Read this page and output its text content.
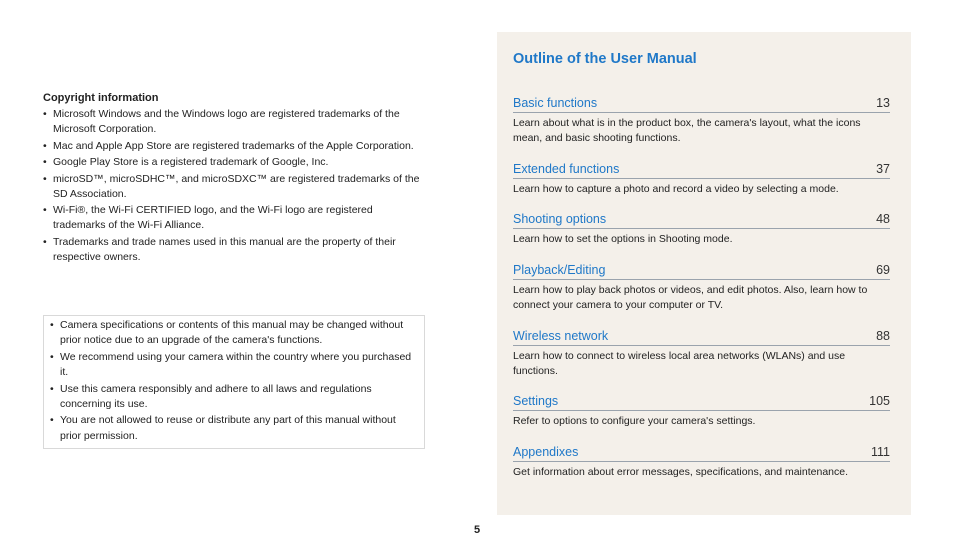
Copyright information
• Microsoft Windows and the Windows logo are registered trademarks of the Microsoft Corporation.
• Mac and Apple App Store are registered trademarks of the Apple Corporation.
• Google Play Store is a registered trademark of Google, Inc.
• microSD™, microSDHC™, and microSDXC™ are registered trademarks of the SD Association.
• Wi-Fi®, the Wi-Fi CERTIFIED logo, and the Wi-Fi logo are registered trademarks of the Wi-Fi Alliance.
• Trademarks and trade names used in this manual are the property of their respective owners.
• Camera specifications or contents of this manual may be changed without prior notice due to an upgrade of the camera's functions.
• We recommend using your camera within the country where you purchased it.
• Use this camera responsibly and adhere to all laws and regulations concerning its use.
• You are not allowed to reuse or distribute any part of this manual without prior permission.
Outline of the User Manual
Basic functions	13
Learn about what is in the product box, the camera's layout, what the icons mean, and basic shooting functions.
Extended functions	37
Learn how to capture a photo and record a video by selecting a mode.
Shooting options	48
Learn how to set the options in Shooting mode.
Playback/Editing	69
Learn how to play back photos or videos, and edit photos. Also, learn how to connect your camera to your computer or TV.
Wireless network	88
Learn how to connect to wireless local area networks (WLANs) and use functions.
Settings	105
Refer to options to configure your camera's settings.
Appendixes	111
Get information about error messages, specifications, and maintenance.
5
